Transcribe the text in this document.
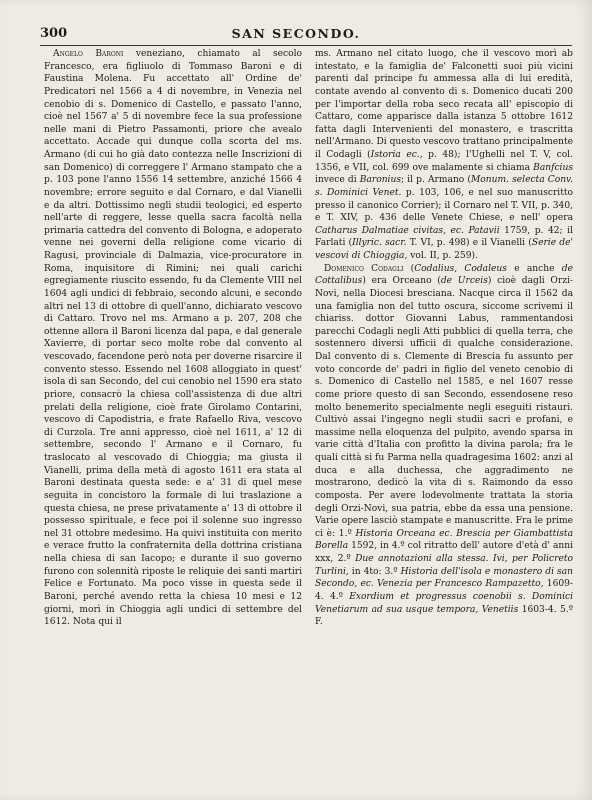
300	SAN SECONDO.

Angelo Baroni veneziano, chiamato al secolo Francesco, era figliuolo di Tommaso Baroni e di Faustina Molena. Fu accettato all' Ordine de' Predicatori nel 1566 a 4 di novembre, in Venezia nel cenobio di s. Domenico di Castello, e passato l'anno, cioè nel 1567 a' 5 di novembre fece la sua professione nelle mani di Pietro Passamonti, priore che avealo accettato. Accade qui dunque colla scorta del ms. Armano (di cui ho già dato contezza nelle Inscrizioni di san Domenico) di correggere l' Armano stampato che a p. 103 pone l'anno 1556 14 settembre, anziché 1566 4 novembre; errore seguito e dal Cornaro, e dal Vianelli e da altri. Dottissimo negli studii teologici, ed esperto nell'arte di reggere, lesse quella sacra facoltà nella primaria cattedra del convento di Bologna, e adoperato venne nei governi della religione come vicario di Ragusi, provinciale di Dalmazia, vice-procuratore in Roma, inquisitore di Rimini; nei quali carichi egregiamente riuscito essendo, fu da Clemente VIII nel 1604 agli undici di febbraio, secondo alcuni, e secondo altri nel 13 di ottobre di quell'anno, dichiarato vescovo di Cattaro. Trovo nel ms. Armano a p. 207, 208 che ottenne allora il Baroni licenza dal papa, e dal generale Xavierre, di portar seco molte robe dal convento al vescovado, facendone però nota per doverne risarcire il convento stesso. Essendo nel 1608 alloggiato in quest' isola di san Secondo, del cui cenobio nel 1590 era stato priore, consacrò la chiesa coll'assistenza di due altri prelati della religione, cioè frate Girolamo Contarini, vescovo di Capodistria, e frate Rafaello Riva, vescovo di Curzola. Tre anni appresso, cioè nel 1611, a' 12 di settembre, secondo l' Armano e il Cornaro, fu traslocato al vescovado di Chioggia; ma giusta il Vianelli, prima della metà di agosto 1611 era stata al Baroni destinata questa sede: e a' 31 di quel mese seguita in concistoro la formale di lui traslazione a questa chiesa, ne prese privatamente a' 13 di ottobre il possesso spirituale, e fece poi il solenne suo ingresso nel 31 ottobre medesimo. Ha quivi instituita con merito e verace frutto la confraternita della dottrina cristiana nella chiesa di san Iacopo; e durante il suo governo furono con solennità riposte le reliquie dei santi martiri Felice e Fortunato. Ma poco visse in questa sede il Baroni, perché avendo retta la chiesa 10 mesi e 12 giorni, morì in Chioggia agli undici di settembre del 1612. Nota qui il

ms. Armano nel citato luogo, che il vescovo morì ab intestato, e la famiglia de' Falconetti suoi più vicini parenti dal principe fu ammessa alla di lui eredità, contate avendo al convento di s. Domenico ducati 200 per l'importar della roba seco recata all' episcopio di Cattaro, come apparisce dalla istanza 5 ottobre 1612 fatta dagli Intervenienti del monastero, e trascritta nell'Armano. Di questo vescovo trattano principalmente il Codagli (Istoria ec., p. 48); l'Ughelli nel T. V, col. 1356, e VII, col. 699 ove malamente si chiama Banfcius invece di Baronius; il p. Armano (Monum. selecta Conv. s. Dominici Venet. p. 103, 106, e nel suo manuscritto presso il canonico Corrier); il Cornaro nel T. VII, p. 340, e T. XIV, p. 436 delle Venete Chiese, e nell' opera Catharus Dalmatiae civitas, ec. Patavii 1759, p. 42; il Farlati (Illyric. sacr. T. VI, p. 498) e il Vianelli (Serie de' vescovi di Chioggia, vol. II, p. 259).

Domenico Codagli (Codalius, Codaleus e anche de Cottalibus) era Orceano (de Urceis) cioè dagli Orzi-Novi, nella Diocesi bresciana. Nacque circa il 1562 da una famiglia non del tutto oscura, siccome scrivemi il chiariss. dottor Giovanni Labus, rammentandosi parecchi Codagli negli Atti pubblici di quella terra, che sostennero diversi ufficii di qualche considerazione. Dal convento di s. Clemente di Brescia fu assunto per voto concorde de' padri in figlio del veneto cenobio di s. Domenico di Castello nel 1585, e nel 1607 resse come priore questo di san Secondo, essendosene reso molto benemerito specialmente negli eseguiti ristauri. Cultivò assai l'ingegno negli studii sacri e profani, e massime nella eloquenza del pulpito, avendo sparsa in varie città d'Italia con profitto la divina parola; fra le quali città si fu Parma nella quadragesima 1602: anzi al duca e alla duchessa, che aggradimento ne mostrarono, dedicò la vita di s. Raimondo da esso composta. Per avere lodevolmente trattata la storia degli Orzi-Novi, sua patria, ebbe da essa una pensione. Varie opere lasciò stampate e manuscritte. Fra le prime ci è: 1.º Historia Orceana ec. Brescia per Giambattista Borella 1592, in 4.º col ritratto dell' autore d'età d' anni xxx, 2.º Due annotazioni alla stessa. Ivi, per Policreto Turlini, in 4to: 3.º Historia dell'isola e monastero di san Secondo, ec. Venezia per Francesco Rampazetto, 1609-4. 4.º Exordium et progressus coenobii s. Dominici Venetiarum ad sua usque tempora, Venetiis 1603-4. 5.º F.
